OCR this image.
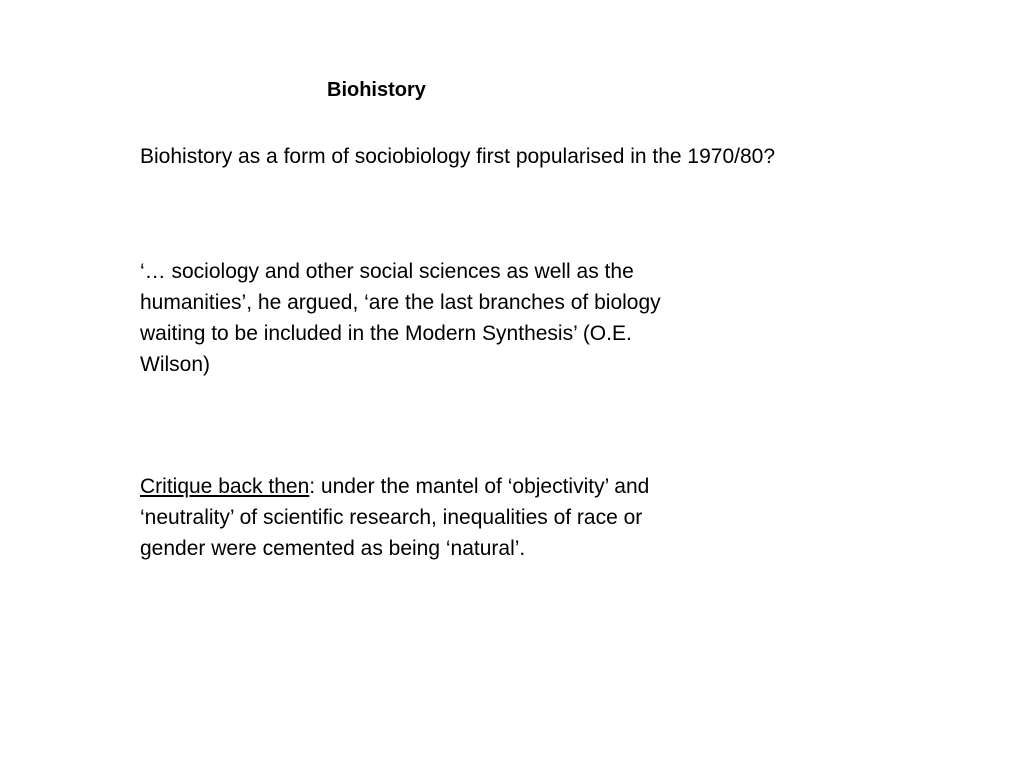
Biohistory
Biohistory as a form of sociobiology first popularised in the 1970/80?
‘… sociology and other social sciences as well as the
humanities’, he argued, ‘are the last branches of biology
waiting to be included in the Modern Synthesis’ (O.E.
Wilson)
Critique back then: under the mantel of ‘objectivity’ and
‘neutrality’ of scientific research, inequalities of race or
gender were cemented as being ‘natural’.
